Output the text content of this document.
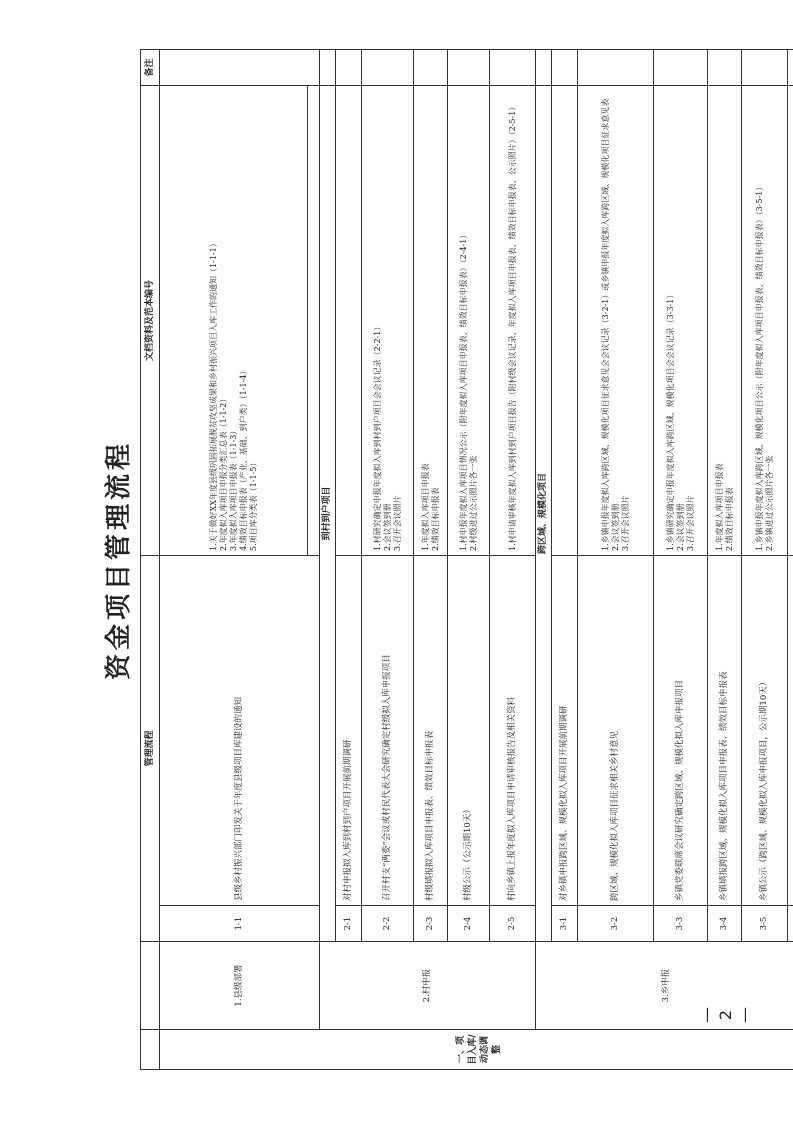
资金项目管理流程
		管理流程		文档资料及范本编号	备注
一、项目入库/动态调整	1.县级部署	1-1	县级乡村振兴部门印发关于年度县级项目库建设的通知	1.关于做好XX年度县级巩固拓展脱贫攻坚成果和乡村振兴项目入库工作的通知（1-1-1）
2.年度拟入库项目申报分类汇总表（1-1-2）
3.年度拟入库项目申报表（1-1-3）
4.绩效目标申报表（产业、基础、到户类）（1-1-4）
5.项目库分类表（1-1-5）	

	2.村申报	到村到户项目			
		2-1	对村申报拟入库到村到户项目开展前期调研		
		2-2	召开村支“两委”会议或村民代表大会研究确定村级拟入库申报项目	1.村研究确定申报年度拟入库到村到户项目会会议记录（2-2-1）
2.会议签到册
3.召开会议照片	
		2-3	村级填报拟入库项目申报表、绩效目标申报表	1.年度拟入库项目申报表
2.绩效目标申报表	
		2-4	村级公示（公示期10天）	1.村申报年度拟入库项目情况公示（附年度拟入库项目申报表、绩效目标申报表）（2-4-1）
2.村级进过公示照片各一张	
		2-5	村向乡镇上报年度拟入库项目申请审核报告及相关资料	1.村申请审核年度拟入库到村到户项目报告（附村级会议记录、年度拟入库项目申报表、绩效目标申报表、公示照片）（2-5-1）	
	3.乡申报	跨区域、规模化项目			
		3-1	对乡镇申报跨区域、规模化拟入库项目开展前期调研		
		3-2	跨区域、规模化拟入库项目征求相关乡村意见	1.乡镇申报年度拟入库跨区域、规模化项目征求意见会会议记录（3-2-1）或乡镇申报年度拟入库跨区域、规模化项目征求意见表
2.会议签到册
3.召开会议照片	
		3-3	乡镇党委联席会议研究确定跨区域、规模化拟入库申报项目	1.乡镇研究确定申报年度拟入库跨区域、规模化项目会会议记录（3-3-1）
2.会议签到册
3.召开会议照片	
		3-4	乡镇填报跨区域、规模化拟入库项目申报表、绩效目标申报表	1.年度拟入库项目申报表
2.绩效目标申报表	
		3-5	乡镇公示（跨区域、规模化拟入库申报项目，公示期10天）	1.乡镇申报年度拟入库跨区域、规模化项目公示（附年度拟入库项目申报表、绩效目标申报表）（3-5-1）
2.乡镇进过公示照片各一张	

— 2 —
